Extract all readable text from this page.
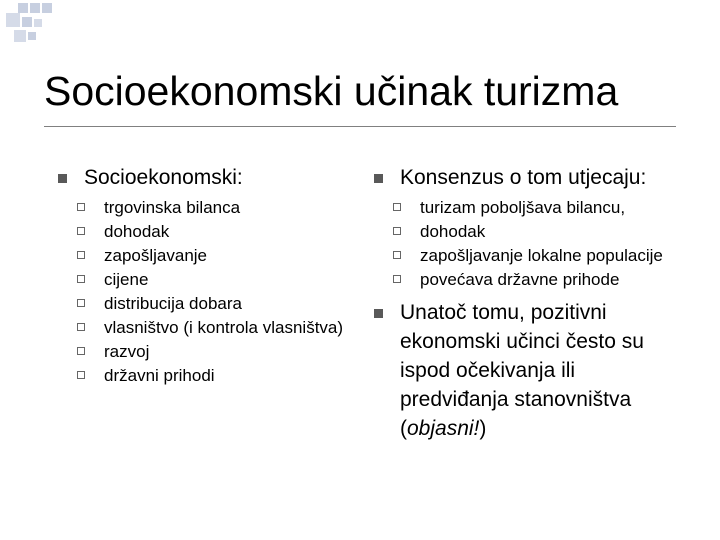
Socioekonomski učinak turizma
Socioekonomski:
trgovinska bilanca
dohodak
zapošljavanje
cijene
distribucija dobara
vlasništvo (i kontrola vlasništva)
razvoj
državni prihodi
Konsenzus o tom utjecaju:
turizam poboljšava bilancu,
dohodak
zapošljavanje lokalne populacije
povećava državne prihode
Unatoč tomu, pozitivni ekonomski učinci često su ispod očekivanja ili predviđanja stanovništva (objasni!)
